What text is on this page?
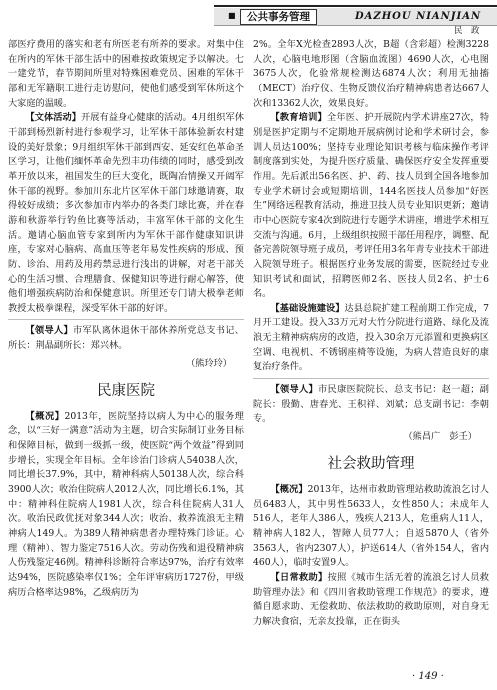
■	公共事务管理	DAZHOU NIANJIAN
民　政

部医疗费用的落实和老有所医老有所养的要求。对集中住在所内的军休干部生活中的困难按政策规定予以解决。七一建党节，春节期间所里对特殊困难党员、困难的军休干部和无军籍职工进行走访慰问，使他们感受到军休所这个大家庭的温暖。

【文体活动】开展有益身心健康的活动。4月组织军休干部到杨烈新村进行参观学习，让军休干部体验新农村建设的美好景象；9月组织军休干部到西安、延安红色革命圣区学习，让他们缅怀革命先烈丰功伟绩的同时，感受到改革开放以来，祖国发生的巨大变化，既陶冶情操又开阔军休干部的视野。参加川东北片区军休干部门球邀请赛，取得较好成绩；多次参加市内举办的各类门球比赛，并在春游和秋游举行钓鱼比赛等活动，丰富军休干部的文化生活。邀请心脑血管专家到所内为军休干部作健康知识讲座，专家对心脑病、高血压等老年易发性疾病的形成、预防、诊治、用药及用药禁忌进行浅出的讲解，对老干部关心的生活习惯、合理膳食、保健知识等进行耐心解答，使他们增强疾病防治和保健意识。所里还专门请大极拳老师教授太极拳课程，深受军休干部的好评。

【领导人】市军队离休退休干部休养所党总支书记、所长：荆晶副所长：郑兴林。

（熊玲玲）

民康医院

【概况】2013年，医院坚持以病人为中心的服务理念，以“三好一满意”活动为主题，切合实际制订业务目标和保障目标，做到一级抓一级，使医院“两个效益”得到同步增长，实现全年目标。全年诊治门诊病人54038人次，同比增长37.9%，其中，精神科病人50138人次，综合科3900人次；收治住院病人2012人次，同比增长6.1%，其中：精神科住院病人1981人次，综合科住院病人31人次。收治民政优抚对象344人次；收治、救养流浪无主精神病人149人。为389人精神病患者办理特殊门诊证。心理（精神）、智力鉴定7516人次。劳动伤残和退役精神病人伤残鉴定46例。精神科诊断符合率达97%，治疗有效率达94%，医院感染率仅1%；全年评审病历1727份，甲级病历合格率达98%，乙级病历为

2%。全年X光检查2893人次，B超（含彩超）检测3228人次，心脑电地形图（含脑血流图）4690人次，心电图3675人次，化验常规检测达6874人次；利用无抽搐（MECT）治疗仪、生物反馈仪治疗精神病患者达667人次和13362人次，效果良好。

【教育培训】全年医、护开展院内学术讲座27次，特别是医护定期与不定期地开展病例讨论和学术研讨会，参训人员达100%；坚持专业理论知识考核与临床操作考评制度落到实处，为提升医疗质量、确保医疗安全发挥重要作用。先后派出56名医、护、药、技人员到全国各地参加专业学术研讨会或短期培训，144名医技人员参加“好医生”网络远程教育活动，推进卫技人员专业知识更新；邀请市中心医院专家4次到院进行专题学术讲座，增进学术相互交流与沟通。6月，上级组织按照干部任用程序，调整、配备完善院领导班子成员，考评任用3名年青专业技术干部进入院领导班子。根据医疗业务发展的需要，医院经过专业知识考试和面试，招聘医师2名、医技人员2名、护士6名。

【基础设施建设】达县总院扩建工程前期工作完成，7月开工建设。投入33万元对大竹分院进行道路、绿化及流浪无主精神病病房的改造，投入30余万元添置和更换病区空调、电视机、不锈钢座椅等设施，为病人营造良好的康复治疗条件。

【领导人】市民康医院院长、总支书记：赵一超；副院长：殷勤、唐春光、王积祥、刘斌；总支副书记：李朝专。

（熊昌广　彭壬）

社会救助管理

【概况】2013年，达州市救助管理站救助流浪乞讨人员6483人，其中男性5633人，女性850人；未成年人516人，老年人386人，残疾人213人，危重病人11人，精神病人182人，智障人员77人；自返5870人（省外3563人，省内2307人），护送614人（省外154人，省内460人），临时安置9人。

【日常救助】按照《城市生活无着的流浪乞讨人员救助管理办法》和《四川省救助管理工作规范》的要求，遵循自愿求助、无偿救助、依法救助的救助原则，对自身无力解决食宿，无亲友投靠，正在街头

· 149 ·
